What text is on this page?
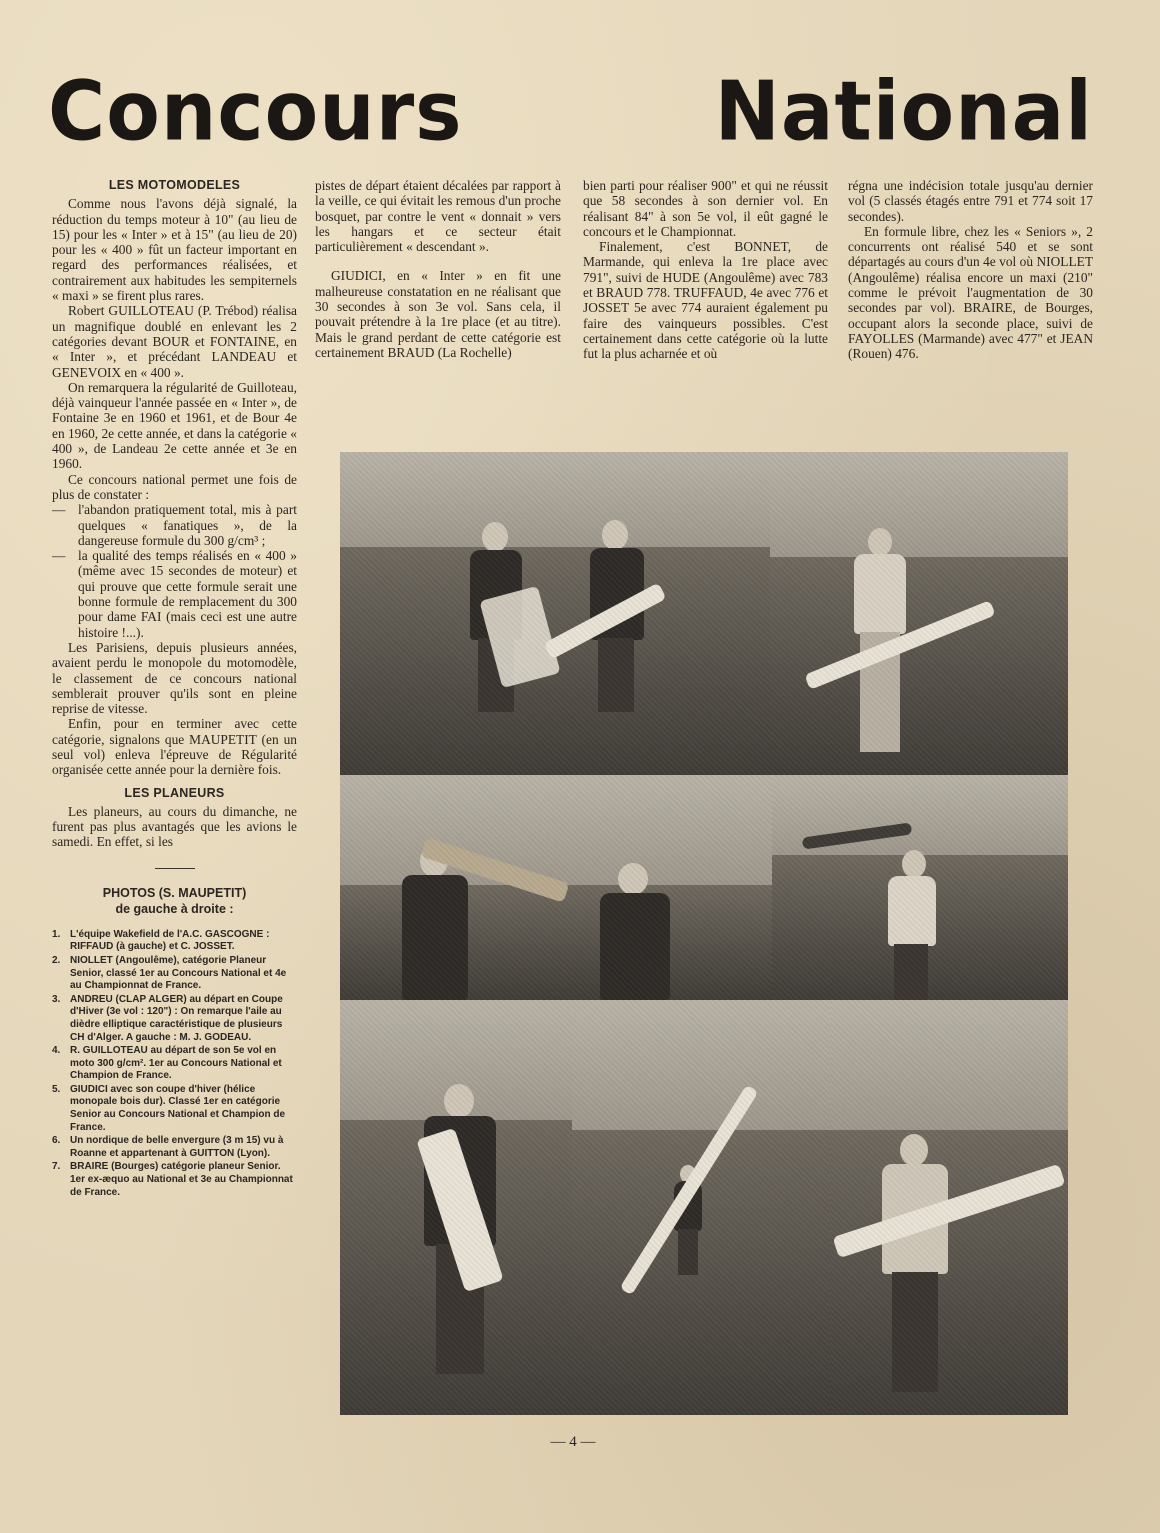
Concours	National
LES MOTOMODELES

Comme nous l'avons déjà signalé, la réduction du temps moteur à 10" (au lieu de 15) pour les « Inter » et à 15" (au lieu de 20) pour les « 400 » fût un facteur important en regard des performances réalisées, et contrairement aux habitudes les sempiternels « maxi » se firent plus rares.

Robert GUILLOTEAU (P. Trébod) réalisa un magnifique doublé en enlevant les 2 catégories devant BOUR et FONTAINE, en « Inter », et précédant LANDEAU et GENEVOIX en « 400 ».

On remarquera la régularité de Guilloteau, déjà vainqueur l'année passée en « Inter », de Fontaine 3e en 1960 et 1961, et de Bour 4e en 1960, 2e cette année, et dans la catégorie « 400 », de Landeau 2e cette année et 3e en 1960.

Ce concours national permet une fois de plus de constater :

— l'abandon pratiquement total, mis à part quelques « fanatiques », de la dangereuse formule du 300 g/cm³ ;
— la qualité des temps réalisés en « 400 » (même avec 15 secondes de moteur) et qui prouve que cette formule serait une bonne formule de remplacement du 300 pour dame FAI (mais ceci est une autre histoire !...).

Les Parisiens, depuis plusieurs années, avaient perdu le monopole du motomodèle, le classement de ce concours national semblerait prouver qu'ils sont en pleine reprise de vitesse.

Enfin, pour en terminer avec cette catégorie, signalons que MAUPETIT (en un seul vol) enleva l'épreuve de Régularité organisée cette année pour la dernière fois.

LES PLANEURS

Les planeurs, au cours du dimanche, ne furent pas plus avantagés que les avions le samedi. En effet, si les

PHOTOS (S. MAUPETIT)
de gauche à droite :
1. L'équipe Wakefield de l'A.C. GASCOGNE : RIFFAUD (à gauche) et C. JOSSET.
2. NIOLLET (Angoulême), catégorie Planeur Senior, classé 1er au Concours National et 4e au Championnat de France.
3. ANDREU (CLAP ALGER) au départ en Coupe d'Hiver (3e vol : 120") : On remarque l'aile au dièdre elliptique caractéristique de plusieurs CH d'Alger. A gauche : M. J. GODEAU.
4. R. GUILLOTEAU au départ de son 5e vol en moto 300 g/cm². 1er au Concours National et Champion de France.
5. GIUDICI avec son coupe d'hiver (hélice monopale bois dur). Classé 1er en catégorie Senior au Concours National et Champion de France.
6. Un nordique de belle envergure (3 m 15) vu à Roanne et appartenant à GUITTON (Lyon).
7. BRAIRE (Bourges) catégorie planeur Senior. 1er ex-æquo au National et 3e au Championnat de France.

pistes de départ étaient décalées par rapport à la veille, ce qui évitait les remous d'un proche bosquet, par contre le vent « donnait » vers les hangars et ce secteur était particulièrement « descendant ».

GIUDICI, en « Inter » en fit une malheureuse constatation en ne réalisant que 30 secondes à son 3e vol. Sans cela, il pouvait prétendre à la 1re place (et au titre). Mais le grand perdant de cette catégorie est certainement BRAUD (La Rochelle)

bien parti pour réaliser 900" et qui ne réussit que 58 secondes à son dernier vol. En réalisant 84" à son 5e vol, il eût gagné le concours et le Championnat.

Finalement, c'est BONNET, de Marmande, qui enleva la 1re place avec 791", suivi de HUDE (Angoulême) avec 783 et BRAUD 778. TRUFFAUD, 4e avec 776 et JOSSET 5e avec 774 auraient également pu faire des vainqueurs possibles. C'est certainement dans cette catégorie où la lutte fut la plus acharnée et où

régna une indécision totale jusqu'au dernier vol (5 classés étagés entre 791 et 774 soit 17 secondes).

En formule libre, chez les « Seniors », 2 concurrents ont réalisé 540 et se sont départagés au cours d'un 4e vol où NIOLLET (Angoulême) réalisa encore un maxi (210" comme le prévoit l'augmentation de 30 secondes par vol). BRAIRE, de Bourges, occupant alors la seconde place, suivi de FAYOLLES (Marmande) avec 477" et JEAN (Rouen) 476.

— 4 —
